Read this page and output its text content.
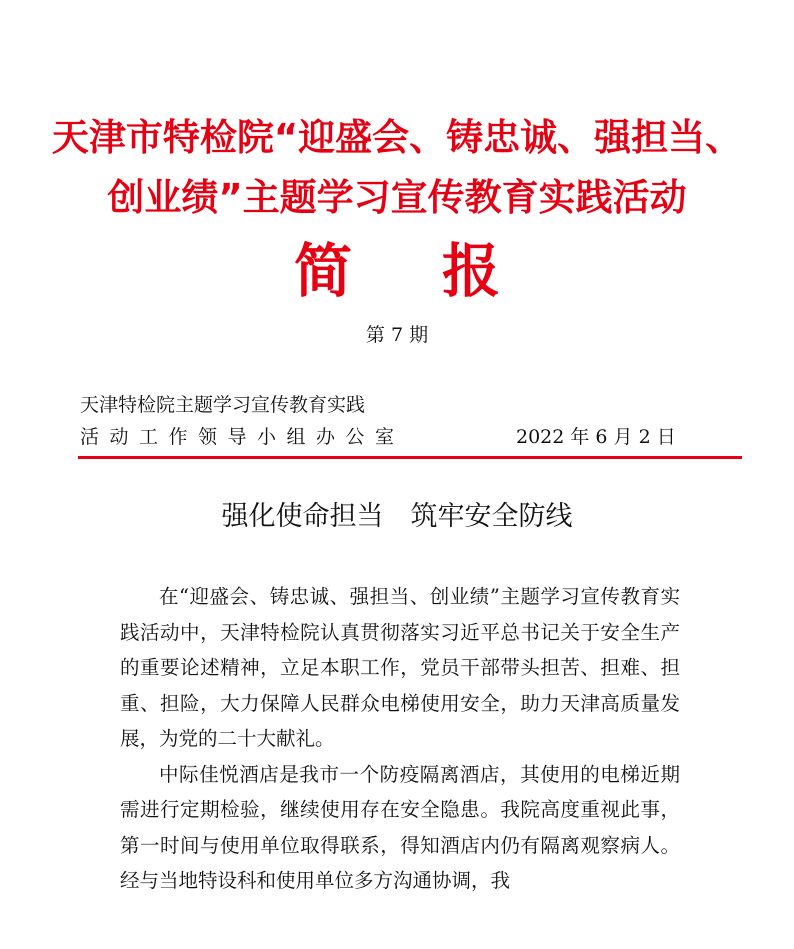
天津市特检院“迎盛会、铸忠诚、强担当、
创业绩”主题学习宣传教育实践活动
简报
第 7 期
天津特检院主题学习宣传教育实践
活动工作领导小组办公室	2022 年 6 月 2 日
强化使命担当　筑牢安全防线

在“迎盛会、铸忠诚、强担当、创业绩”主题学习宣传教育实践活动中，天津特检院认真贯彻落实习近平总书记关于安全生产的重要论述精神，立足本职工作，党员干部带头担苦、担难、担重、担险，大力保障人民群众电梯使用安全，助力天津高质量发展，为党的二十大献礼。

中际佳悦酒店是我市一个防疫隔离酒店，其使用的电梯近期需进行定期检验，继续使用存在安全隐患。我院高度重视此事，第一时间与使用单位取得联系，得知酒店内仍有隔离观察病人。经与当地特设科和使用单位多方沟通协调，我
